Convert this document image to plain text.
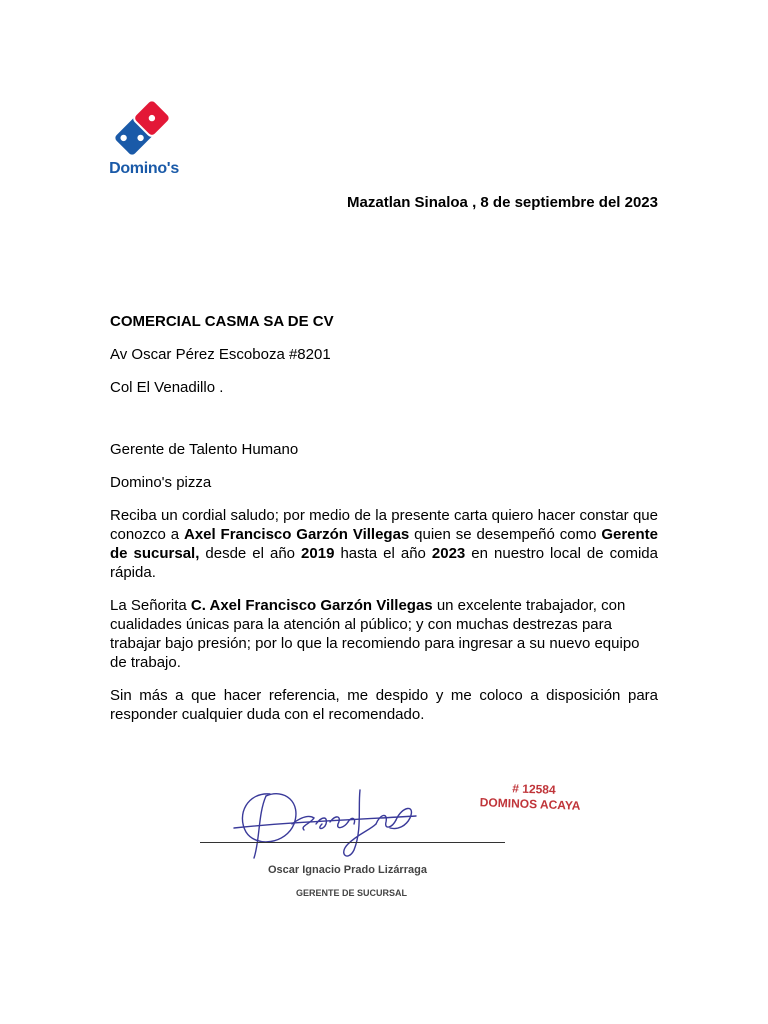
Domino's
Mazatlan Sinaloa , 8 de septiembre del 2023

COMERCIAL CASMA SA DE CV

Av Oscar Pérez Escoboza #8201

Col El Venadillo .

Gerente de Talento Humano

Domino's pizza

Reciba un cordial saludo; por medio de la presente carta quiero hacer constar que conozco a Axel Francisco Garzón Villegas quien se desempeñó como Gerente de sucursal, desde el año 2019 hasta el año 2023 en nuestro local de comida rápida.

La Señorita C. Axel Francisco Garzón Villegas un excelente trabajador, con cualidades únicas para la atención al público; y con muchas destrezas para trabajar bajo presión; por lo que la recomiendo para ingresar a su nuevo equipo de trabajo.

Sin más a que hacer referencia, me despido y me coloco a disposición para responder cualquier duda con el recomendado.

Oscar Ignacio Prado Lizárraga
GERENTE DE SUCURSAL
# 12584
DOMINOS ACAYA
